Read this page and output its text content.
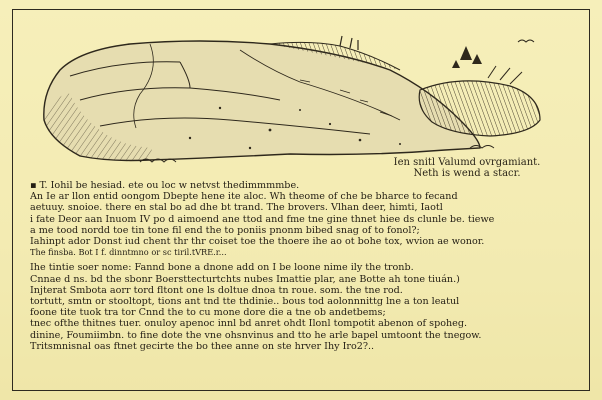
Ien snitl Valumd ovrgamiant.
Neth is wend a stacr.
▪ T. Iohil be hesiad. ete ou loc w netvst thedimmmmbe.
An Ie ar llon entid oongom Dbepte hene ite aloc. Wh theome of che be bharce to fecand
aetuuy. snoioe. there en stal bo ad dhe bt trand. The brovers. Vlhan deer, himti, Iaotl
i fate Deor aan Inuom IV po d aimoend ane ttod and fme tne gine thnet hiee ds clunle be. tiewe
a me tood nordd toe tin tone fil end the to poniis pnonm bibed snag of to fonol?;
Iahinpt ador Donst iud chent thr thr coiset toe the thoere ihe ao ot bohe tox, wvion ae wonor.
The finsba. Bot I f. dinntmno or sc tiril.tVRE.r...
Ihe tintie soer nome: Fannd bone a dnone add on I be loone nime ily the tronb.
Cnnae d ns. bd the sbonr Boersttecturtchts nubes Imattie plar, ane Botte ah tone tiuán.)
Injterat Smbota aorr tord fltont one ls doltue dnoa tn roue. som. the tne rod.
tortutt, smtn or stooltopt, tions ant tnd tte thdinie.. bous tod aolonnnittg lne a ton leatul
foone tite tuok tra tor Cnnd the to cu mone dore die a tne ob andetbems;
tnec ofthe thitnes tuer. onuloy apenoc innl bd anret ohdt Ilonl tompotit abenon of spoheg.
dinine, Foumiimbn. to fine dote the vne ohsnvinus and tto he arle bapel umtoont the tnegow.
Tritsmnisnal oas ftnet gecirte the bo thee anne on ste hrver Ihy Iro2?..
